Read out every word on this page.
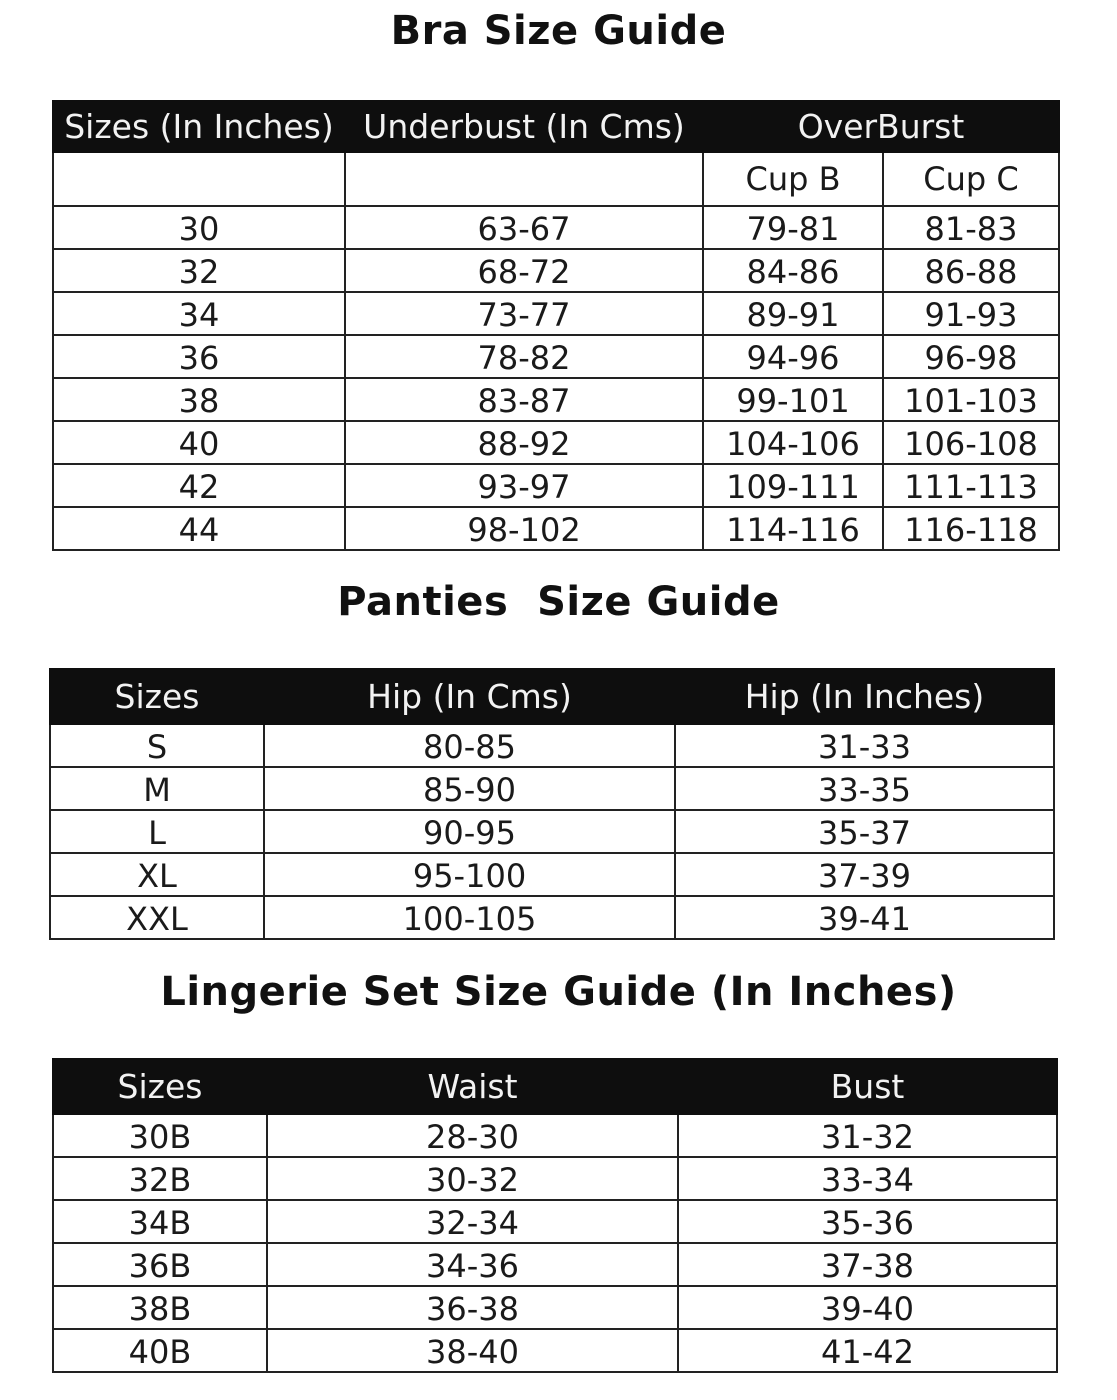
Bra Size Guide
Sizes (In Inches)	Underbust (In Cms)	OverBurst	
		Cup B	Cup C
30	63-67	79-81	81-83
32	68-72	84-86	86-88
34	73-77	89-91	91-93
36	78-82	94-96	96-98
38	83-87	99-101	101-103
40	88-92	104-106	106-108
42	93-97	109-111	111-113
44	98-102	114-116	116-118
Panties  Size Guide
Sizes	Hip (In Cms)	Hip (In Inches)
S	80-85	31-33
M	85-90	33-35
L	90-95	35-37
XL	95-100	37-39
XXL	100-105	39-41
Lingerie Set Size Guide (In Inches)
Sizes	Waist	Bust
30B	28-30	31-32
32B	30-32	33-34
34B	32-34	35-36
36B	34-36	37-38
38B	36-38	39-40
40B	38-40	41-42
